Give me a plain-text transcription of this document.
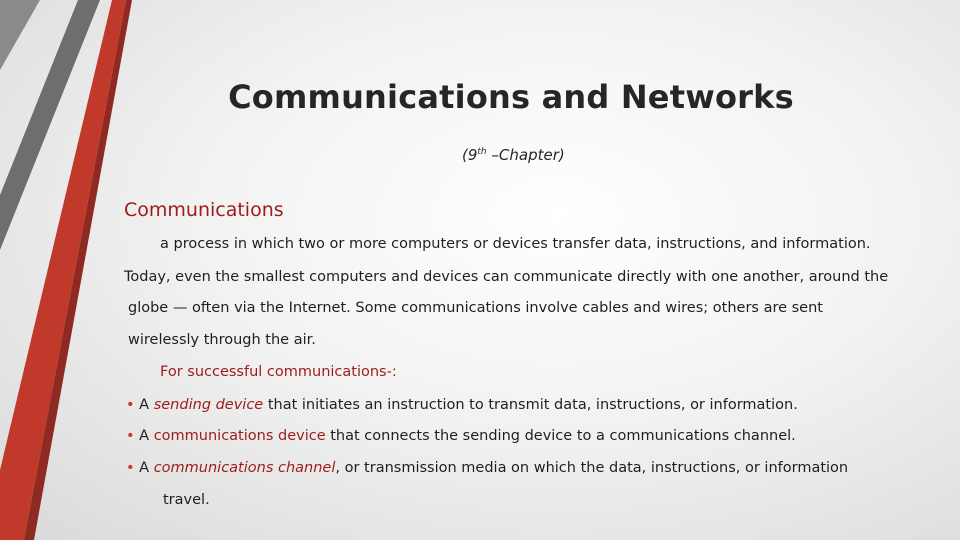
Communications and Networks
(9th –Chapter)
Communications
a process in which two or more computers or devices transfer data, instructions, and information.
Today, even the smallest computers and devices can communicate directly with one another, around the
globe — often via the Internet. Some communications involve cables and wires; others are sent
wirelessly through the air.
For successful communications-:
• A sending device that initiates an instruction to transmit data, instructions, or information.
• A communications device that connects the sending device to a communications channel.
• A communications channel, or transmission media on which the data, instructions, or information
travel.
